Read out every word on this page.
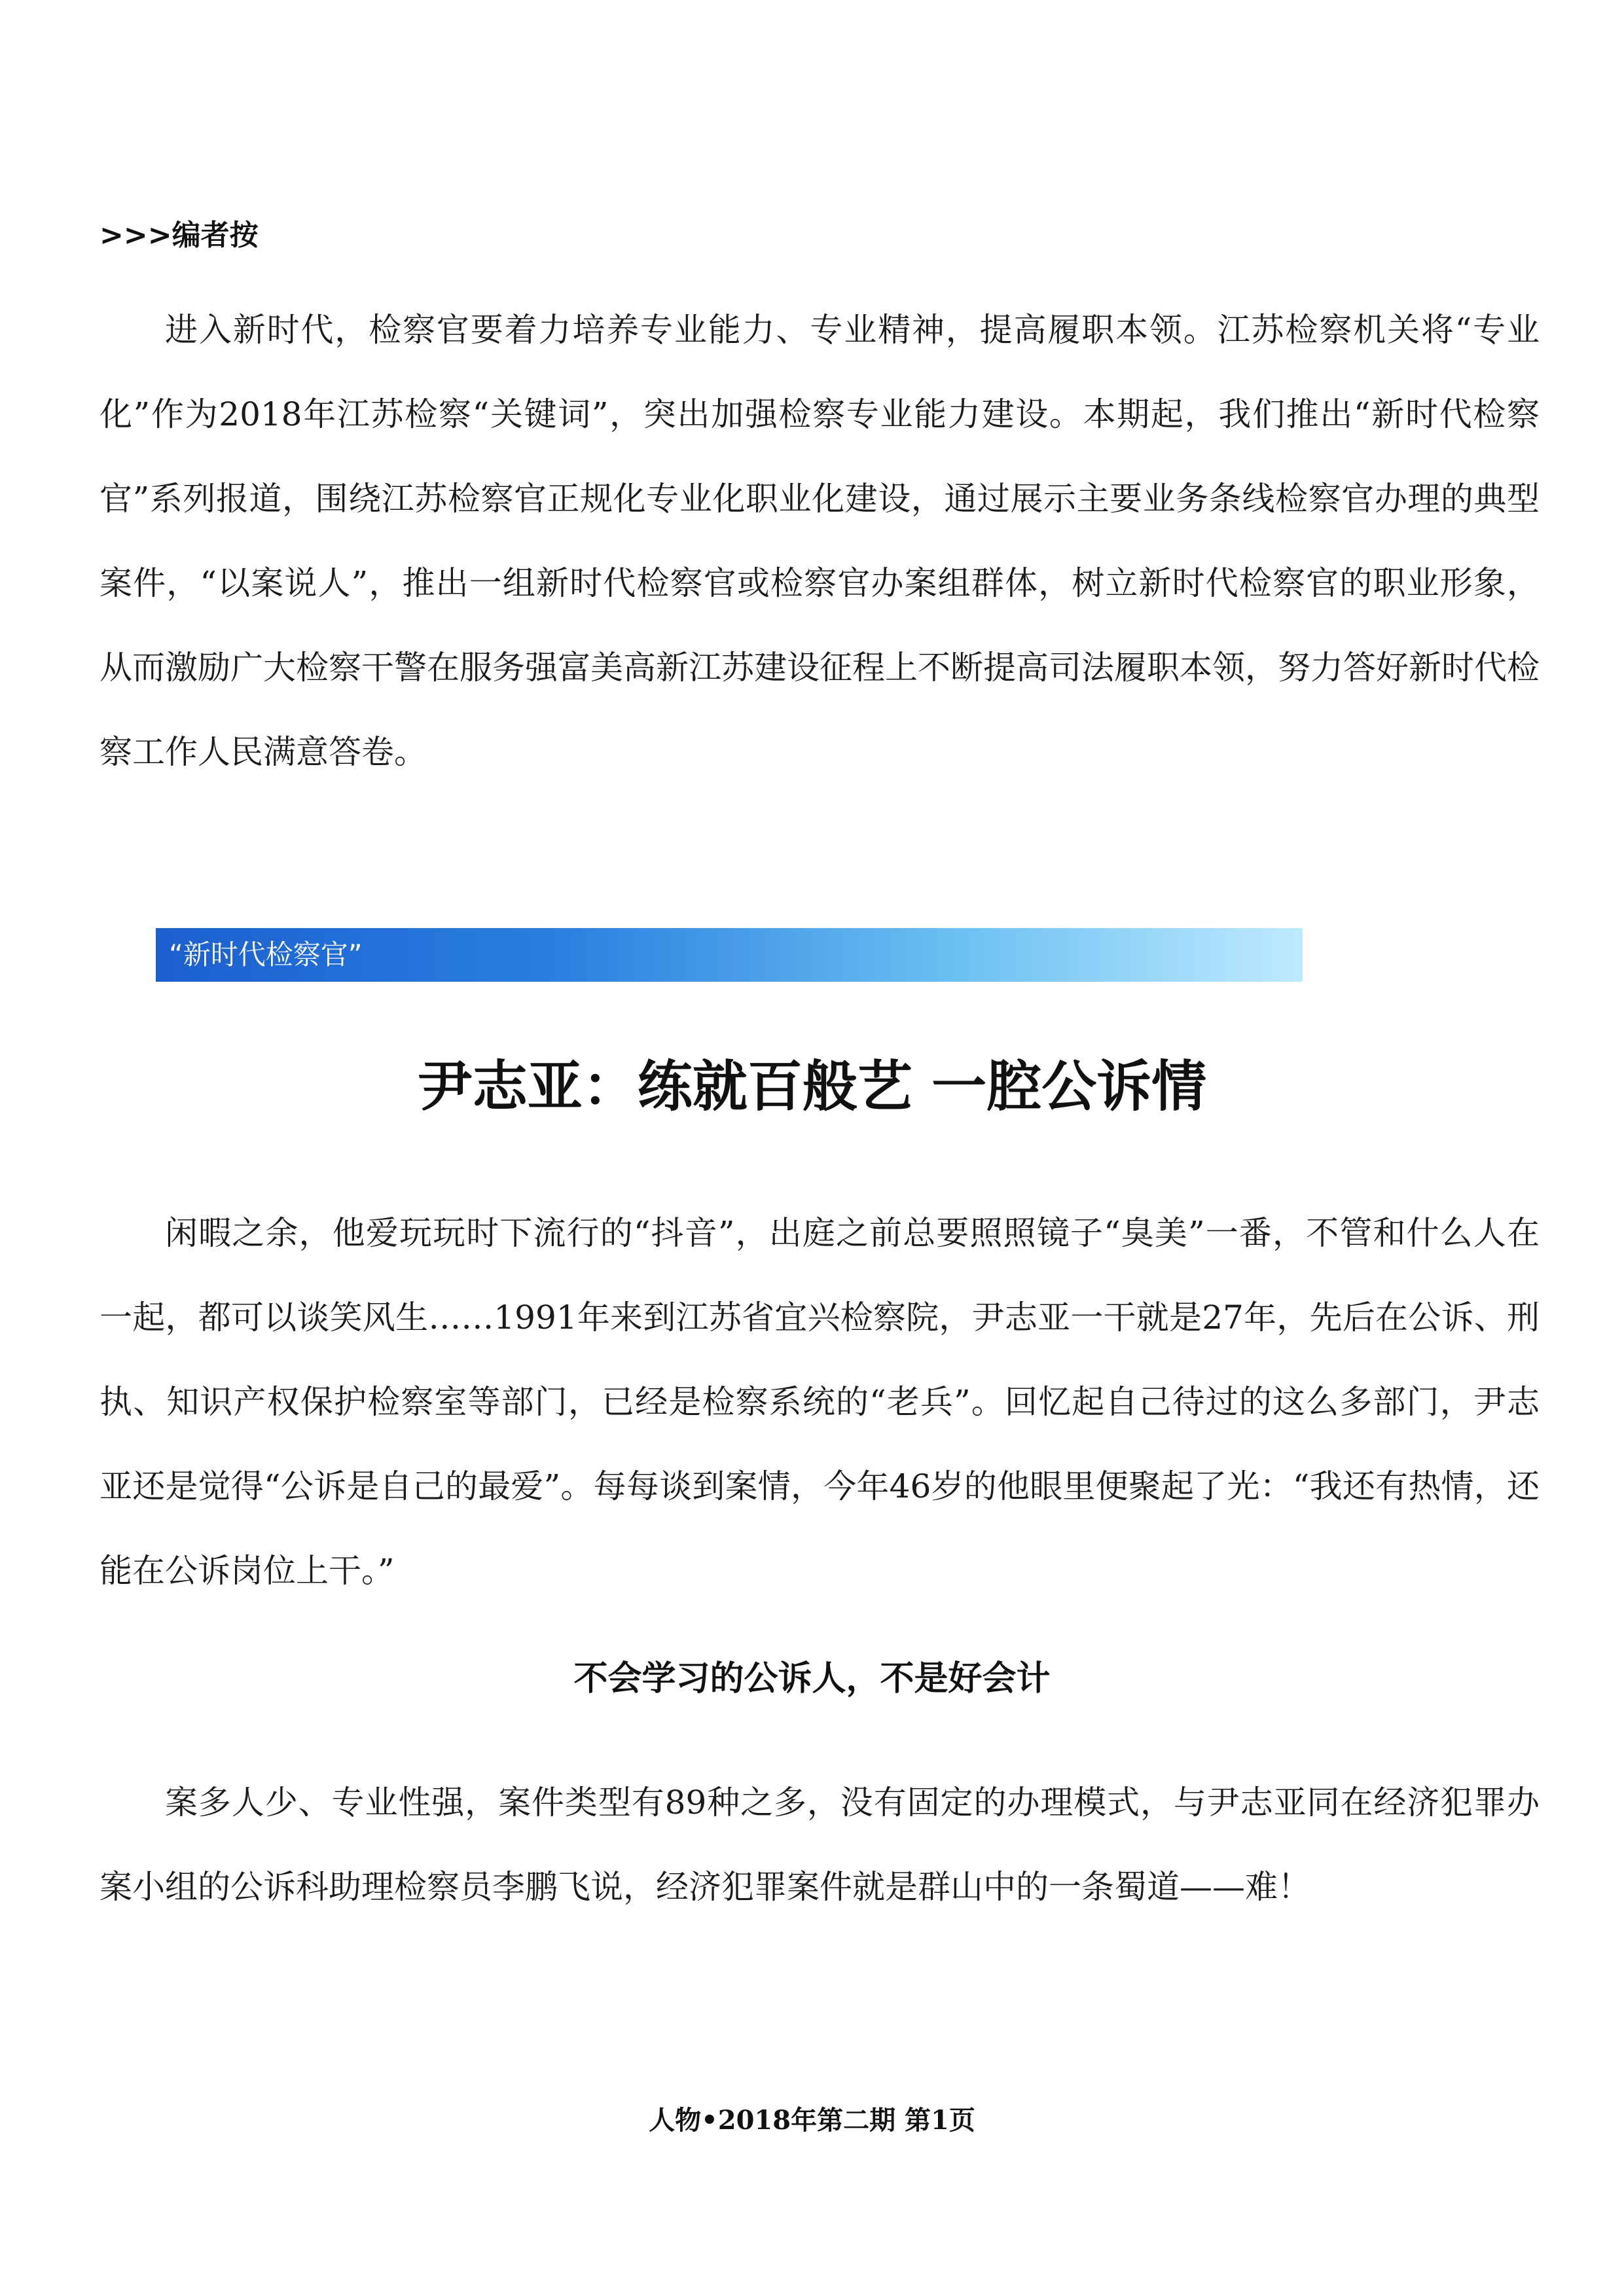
>>>编者按

进入新时代，检察官要着力培养专业能力、专业精神，提高履职本领。江苏检察机关将“专业化”作为2018年江苏检察“关键词”，突出加强检察专业能力建设。本期起，我们推出“新时代检察官”系列报道，围绕江苏检察官正规化专业化职业化建设，通过展示主要业务条线检察官办理的典型案件，“以案说人”，推出一组新时代检察官或检察官办案组群体，树立新时代检察官的职业形象，从而激励广大检察干警在服务强富美高新江苏建设征程上不断提高司法履职本领，努力答好新时代检察工作人民满意答卷。

“新时代检察官”
尹志亚：练就百般艺 一腔公诉情

闲暇之余，他爱玩玩时下流行的“抖音”，出庭之前总要照照镜子“臭美”一番，不管和什么人在一起，都可以谈笑风生……1991年来到江苏省宜兴检察院，尹志亚一干就是27年，先后在公诉、刑执、知识产权保护检察室等部门，已经是检察系统的“老兵”。回忆起自己待过的这么多部门，尹志亚还是觉得“公诉是自己的最爱”。每每谈到案情，今年46岁的他眼里便聚起了光：“我还有热情，还能在公诉岗位上干。”

不会学习的公诉人，不是好会计

案多人少、专业性强，案件类型有89种之多，没有固定的办理模式，与尹志亚同在经济犯罪办案小组的公诉科助理检察员李鹏飞说，经济犯罪案件就是群山中的一条蜀道——难！

人物•2018年第二期 第1页
